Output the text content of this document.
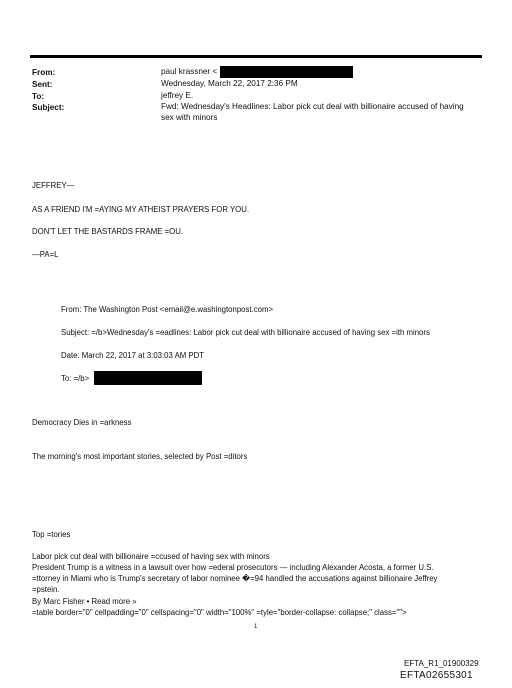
From:	paul krassner <
Sent:	Wednesday, March 22, 2017 2:36 PM
To:	jeffrey E.
Subject:	Fwd: Wednesday's Headlines: Labor pick cut deal with billionaire accused of having
sex with minors
JEFFREY—
AS A FRIEND I'M =AYING MY ATHEIST PRAYERS FOR YOU.
DON'T LET THE BASTARDS FRAME =OU.
—PA=L
From: The Washington Post <email@e.washingtonpost.com>
Subject: =/b>Wednesday's =eadlines: Labor pick cut deal with billionaire accused of having sex =ith minors
Date: March 22, 2017 at 3:03:03 AM PDT
To: =/b>
Democracy Dies in =arkness
The morning's most important stories, selected by Post =ditors
Top =tories
Labor pick cut deal with billionaire =ccused of having sex with minors
President Trump is a witness in a lawsuit over how =ederal prosecutors — including Alexander Acosta, a former U.S.
=ttorney in Miami who is Trump's secretary of labor nominee �=94 handled the accusations against billionaire Jeffrey
=pstein.
By Marc Fisher • Read more »
=table border="0" cellpadding="0" cellspacing="0" width="100%" =tyle="border-collapse: collapse;" class="">
1
EFTA_R1_01900329
EFTA02655301
